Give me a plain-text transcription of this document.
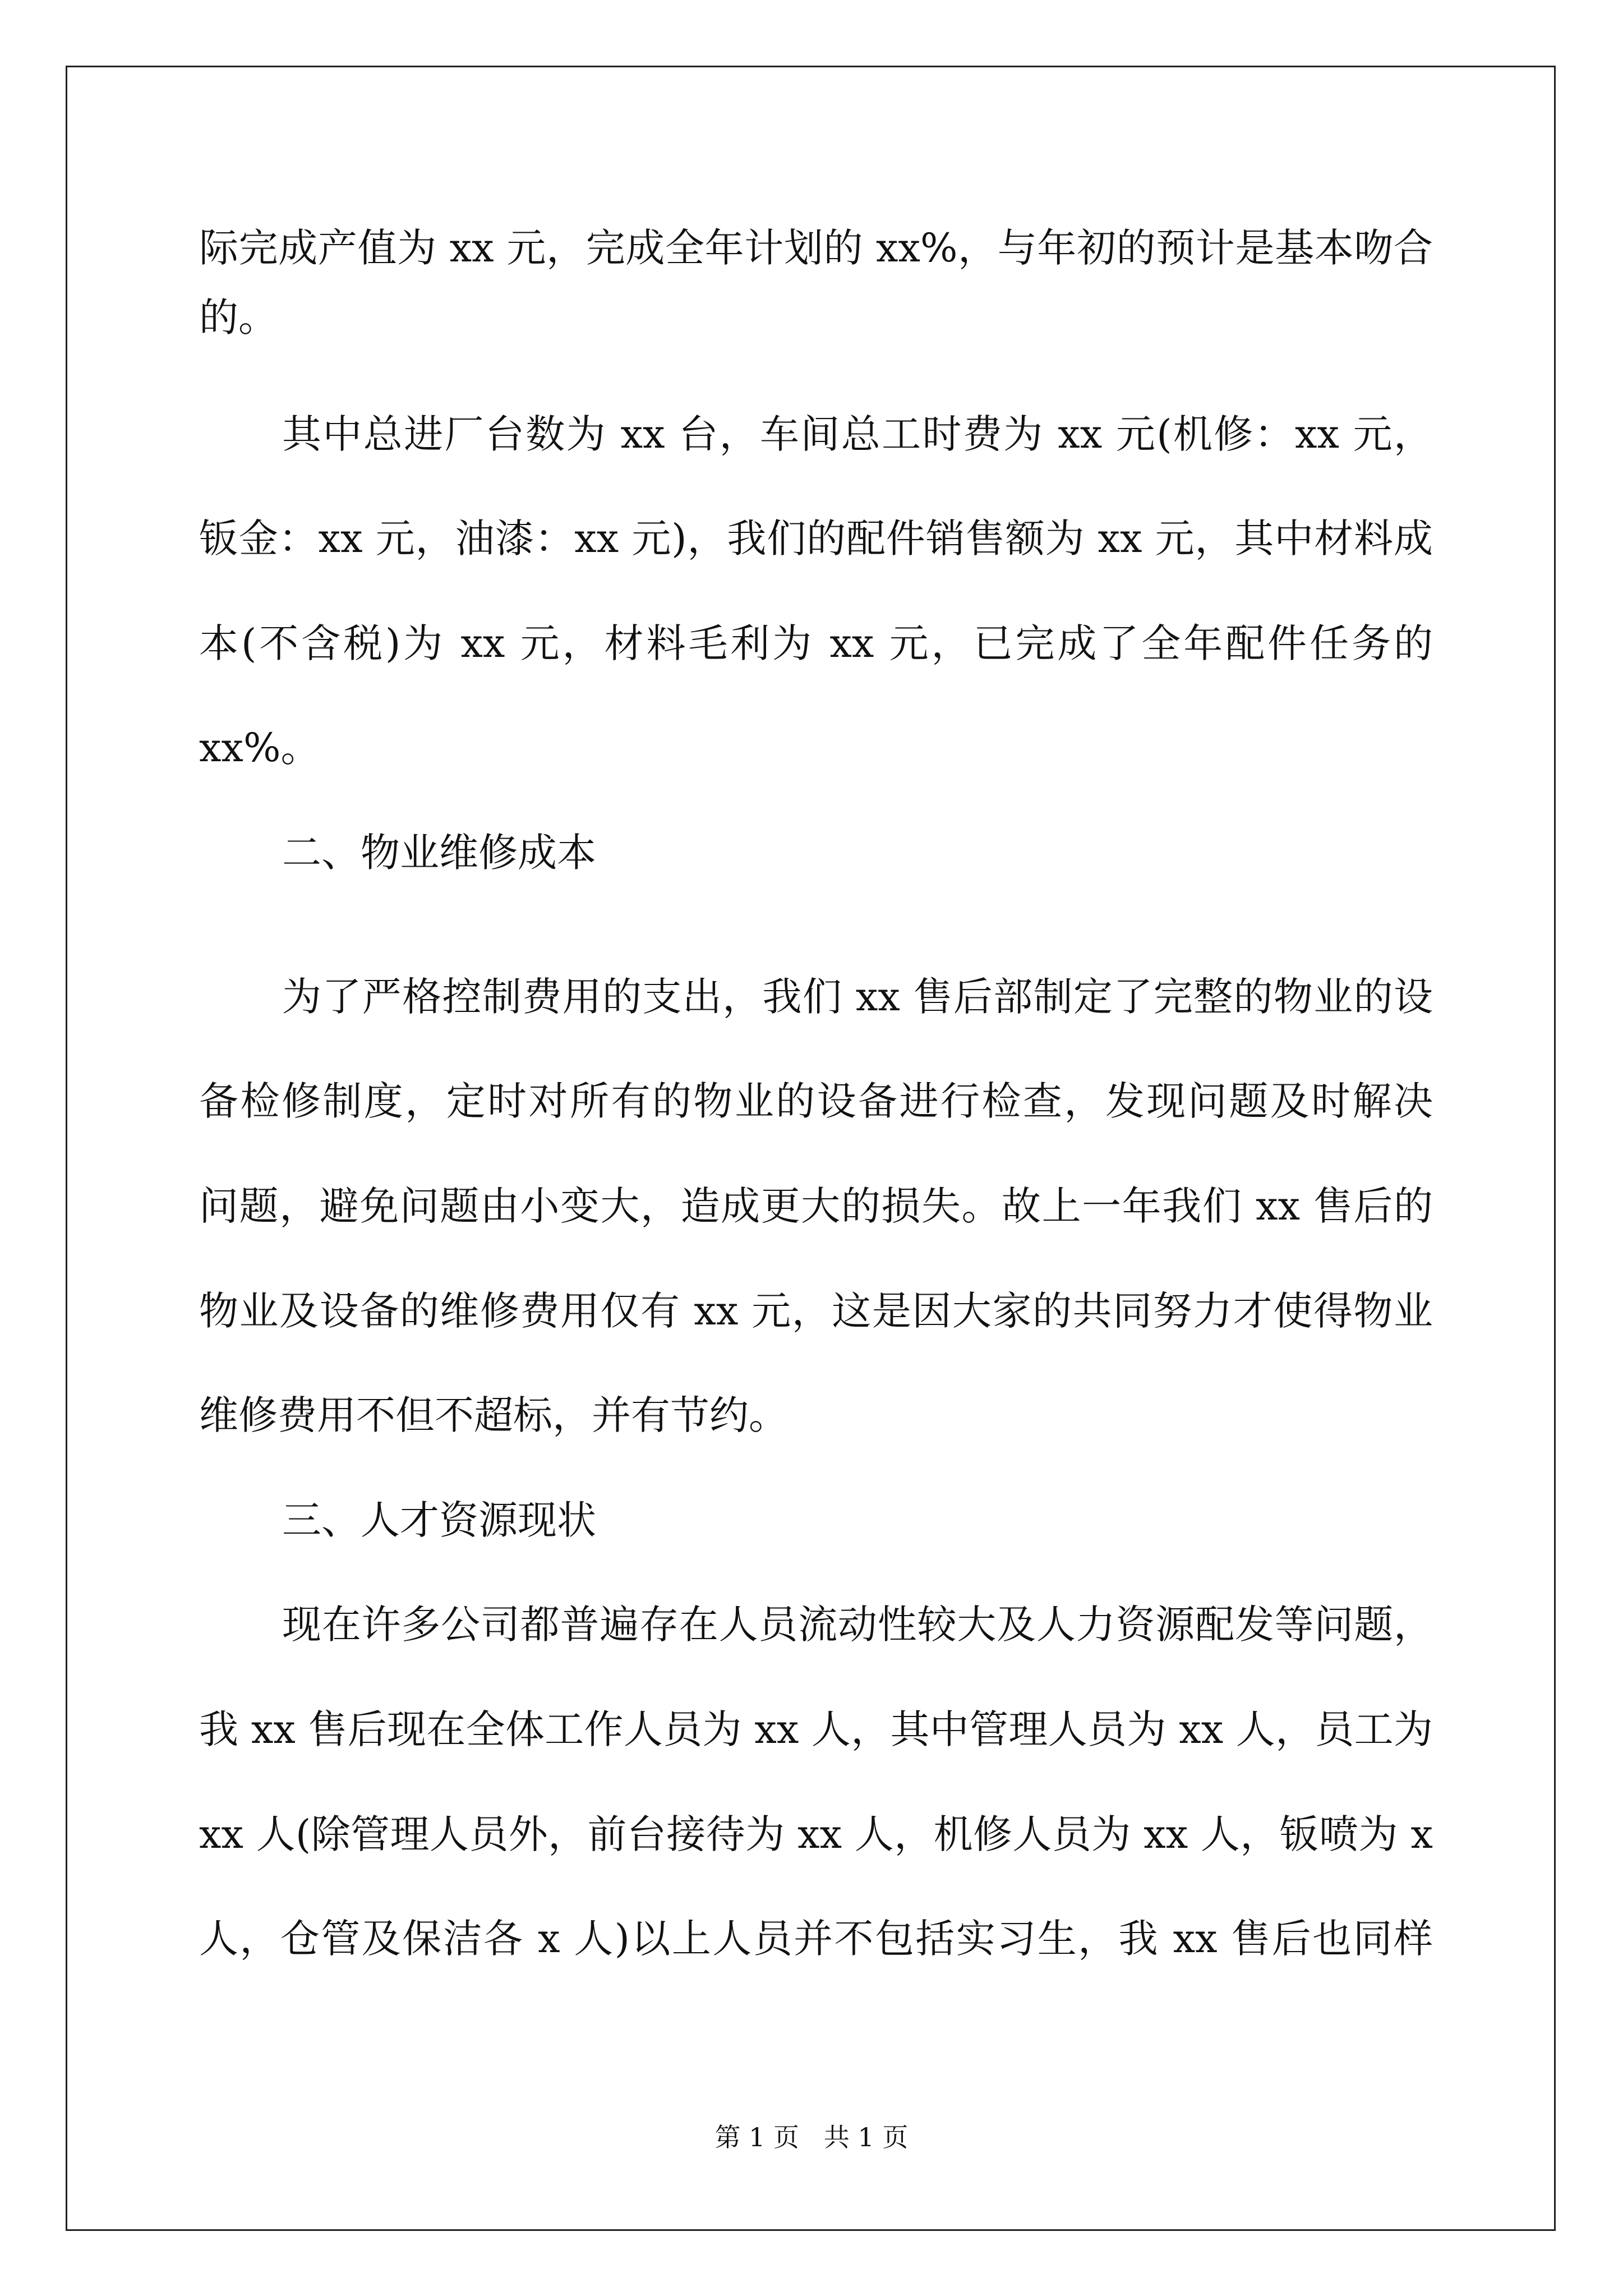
际完成产值为 xx 元，完成全年计划的 xx%，与年初的预计是基本吻合
的。
其中总进厂台数为 xx 台，车间总工时费为 xx 元(机修：xx 元，
钣金：xx 元，油漆：xx 元)，我们的配件销售额为 xx 元，其中材料成
本(不含税)为 xx 元，材料毛利为 xx 元，已完成了全年配件任务的
xx%。
二、物业维修成本
为了严格控制费用的支出，我们 xx 售后部制定了完整的物业的设
备检修制度，定时对所有的物业的设备进行检查，发现问题及时解决
问题，避免问题由小变大，造成更大的损失。故上一年我们 xx 售后的
物业及设备的维修费用仅有 xx 元，这是因大家的共同努力才使得物业
维修费用不但不超标，并有节约。
三、人才资源现状
现在许多公司都普遍存在人员流动性较大及人力资源配发等问题，
我 xx 售后现在全体工作人员为 xx 人，其中管理人员为 xx 人，员工为
xx 人(除管理人员外，前台接待为 xx 人，机修人员为 xx 人，钣喷为 x
人，仓管及保洁各 x 人)以上人员并不包括实习生，我 xx 售后也同样
第 1 页   共 1 页
